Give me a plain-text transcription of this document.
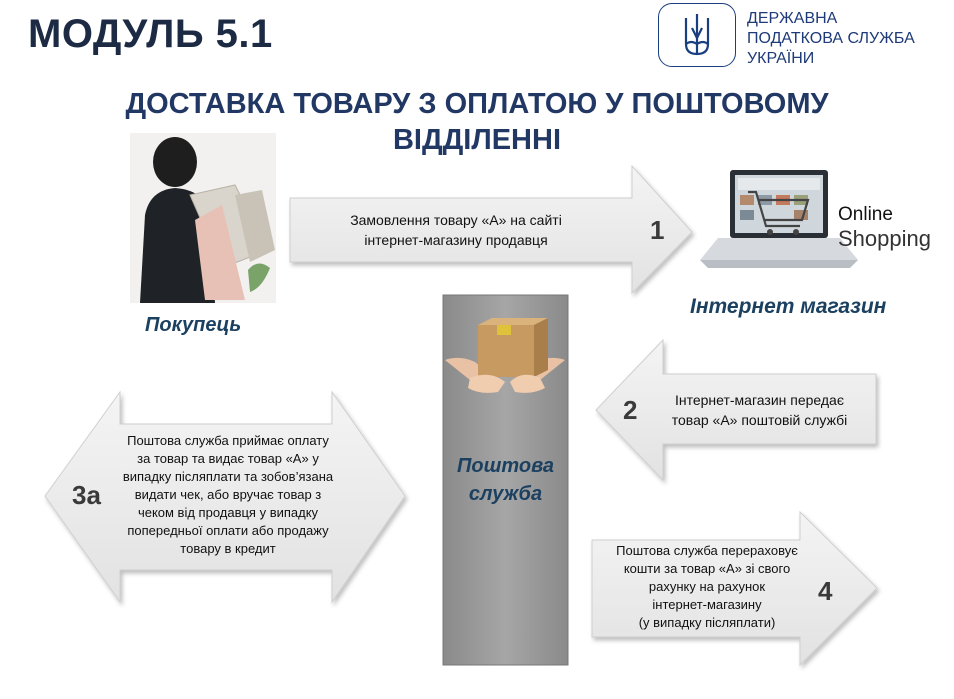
МОДУЛЬ 5.1	ДЕРЖАВНА
ПОДАТКОВА СЛУЖБА
УКРАЇНИ
ДОСТАВКА ТОВАРУ З ОПЛАТОЮ У ПОШТОВОМУ
ВІДДІЛЕННІ
Покупець
Інтернет магазин
Поштова
служба
Online
Shopping
Замовлення товару «А» на сайті
інтернет-магазину продавця	1
Інтернет-магазин передає
товар «А» поштовій службі
2
Поштова служба приймає оплату
за товар та видає товар «А» у
випадку післяплати та зобов’язана
видати чек, або вручає товар з
чеком від продавця у випадку
попередньої оплати або продажу
товару в кредит
3а
Поштова служба перераховує
кошти за товар «А» зі свого
рахунку на рахунок
інтернет-магазину
(у випадку післяплати)
4
